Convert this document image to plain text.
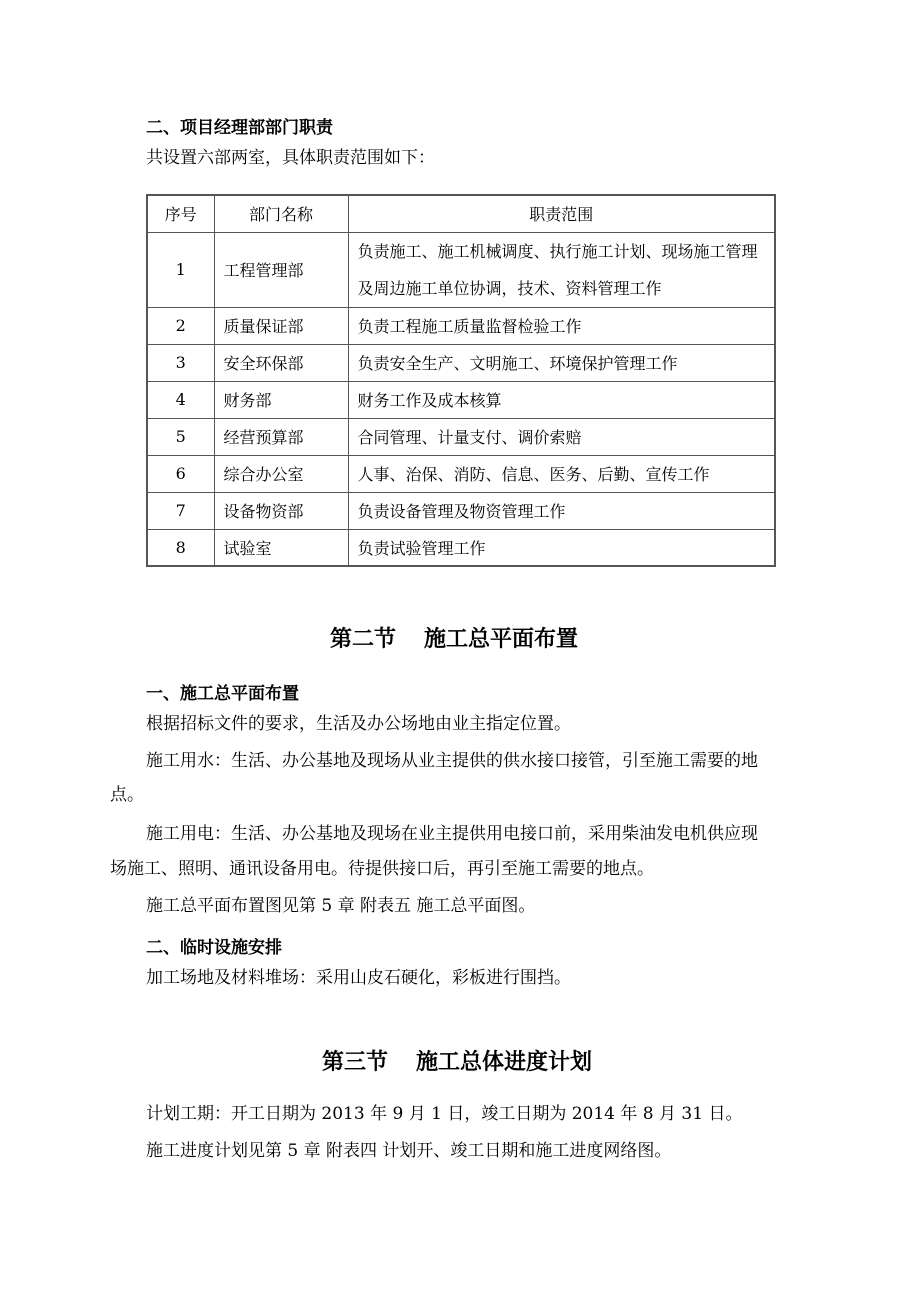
二、项目经理部部门职责
共设置六部两室，具体职责范围如下：
序号	部门名称	职责范围
1	工程管理部	负责施工、施工机械调度、执行施工计划、现场施工管理及周边施工单位协调，技术、资料管理工作
2	质量保证部	负责工程施工质量监督检验工作
3	安全环保部	负责安全生产、文明施工、环境保护管理工作
4	财务部	财务工作及成本核算
5	经营预算部	合同管理、计量支付、调价索赔
6	综合办公室	人事、治保、消防、信息、医务、后勤、宣传工作
7	设备物资部	负责设备管理及物资管理工作
8	试验室	负责试验管理工作
第二节 施工总平面布置
一、施工总平面布置
根据招标文件的要求，生活及办公场地由业主指定位置。
施工用水：生活、办公基地及现场从业主提供的供水接口接管，引至施工需要的地
点。
施工用电：生活、办公基地及现场在业主提供用电接口前，采用柴油发电机供应现
场施工、照明、通讯设备用电。待提供接口后，再引至施工需要的地点。
施工总平面布置图见第 5 章 附表五 施工总平面图。
二、临时设施安排
加工场地及材料堆场：采用山皮石硬化，彩板进行围挡。
第三节 施工总体进度计划
计划工期：开工日期为 2013 年 9 月 1 日，竣工日期为 2014 年 8 月 31 日。
施工进度计划见第 5 章 附表四 计划开、竣工日期和施工进度网络图。
